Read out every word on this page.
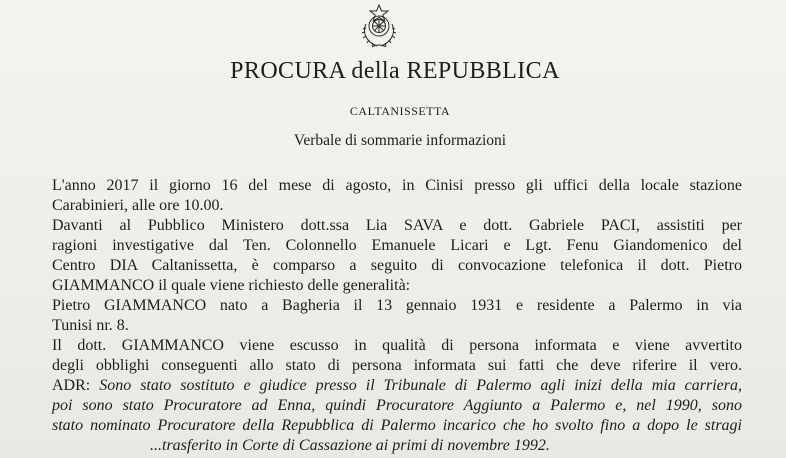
PROCURA della REPUBBLICA
CALTANISSETTA
Verbale di sommarie informazioni
L'anno 2017 il giorno 16 del mese di agosto, in Cinisi presso gli uffici della locale stazione
Carabinieri, alle ore 10.00.
Davanti al Pubblico Ministero dott.ssa Lia SAVA e dott. Gabriele PACI, assistiti per
ragioni investigative dal Ten. Colonnello Emanuele Licari e Lgt. Fenu Giandomenico del
Centro DIA Caltanissetta, è comparso a seguito di convocazione telefonica il dott. Pietro
GIAMMANCO il quale viene richiesto delle generalità:
Pietro GIAMMANCO nato a Bagheria il 13 gennaio 1931 e residente a Palermo in via
Tunisi nr. 8.
Il dott. GIAMMANCO viene escusso in qualità di persona informata e viene avvertito
degli obblighi conseguenti allo stato di persona informata sui fatti che deve riferire il vero.
ADR: Sono stato sostituto e giudice presso il Tribunale di Palermo agli inizi della mia carriera,
poi sono stato Procuratore ad Enna, quindi Procuratore Aggiunto a Palermo e, nel 1990, sono
stato nominato Procuratore della Repubblica di Palermo incarico che ho svolto fino a dopo le stragi
...trasferito in Corte di Cassazione ai primi di novembre 1992.
